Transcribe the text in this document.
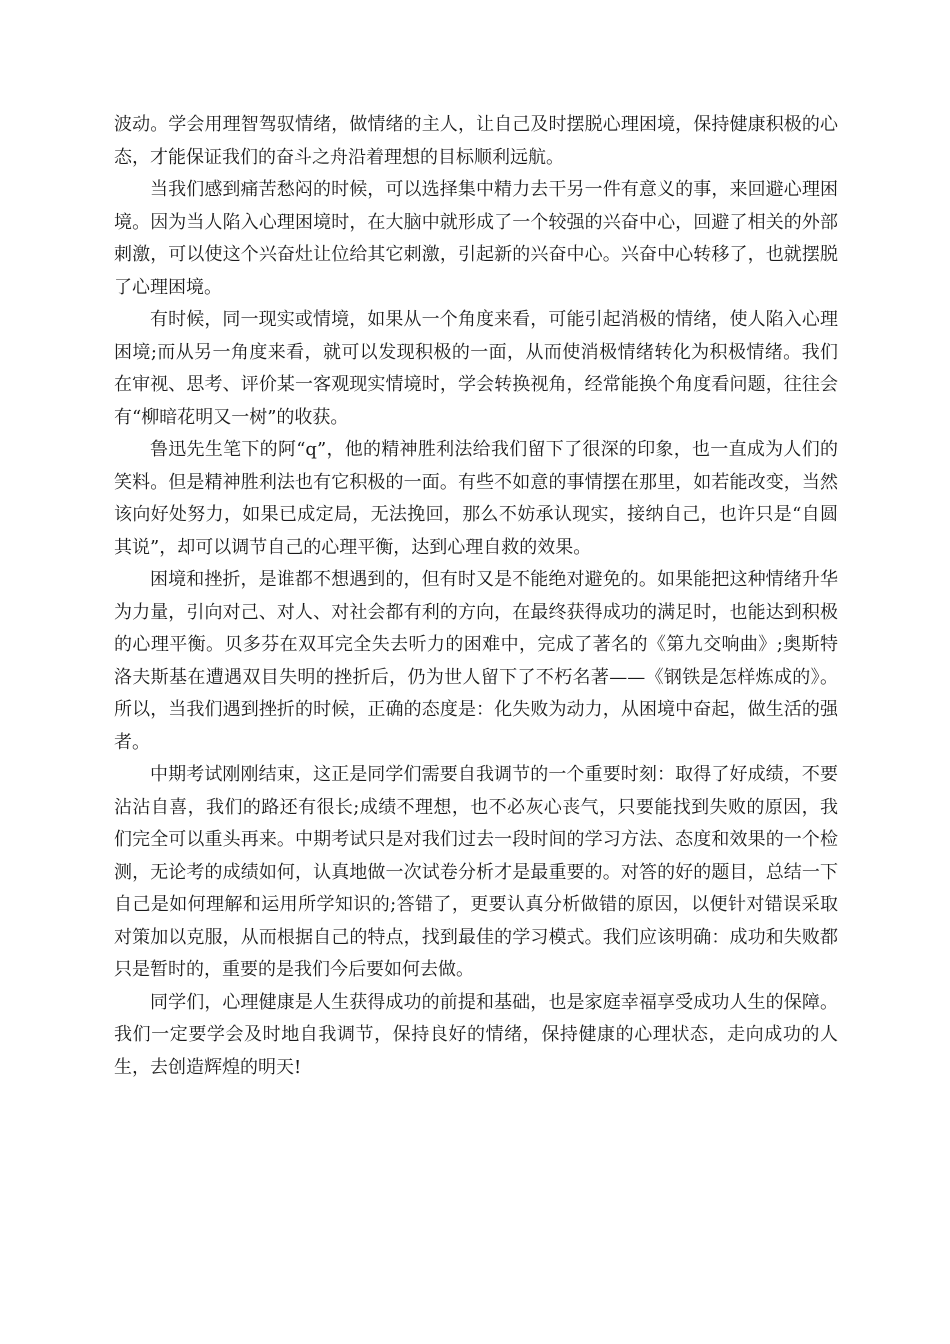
波动。学会用理智驾驭情绪，做情绪的主人，让自己及时摆脱心理困境，保持健康积极的心态，才能保证我们的奋斗之舟沿着理想的目标顺利远航。

当我们感到痛苦愁闷的时候，可以选择集中精力去干另一件有意义的事，来回避心理困境。因为当人陷入心理困境时，在大脑中就形成了一个较强的兴奋中心，回避了相关的外部刺激，可以使这个兴奋灶让位给其它刺激，引起新的兴奋中心。兴奋中心转移了，也就摆脱了心理困境。

有时候，同一现实或情境，如果从一个角度来看，可能引起消极的情绪，使人陷入心理困境;而从另一角度来看，就可以发现积极的一面，从而使消极情绪转化为积极情绪。我们在审视、思考、评价某一客观现实情境时，学会转换视角，经常能换个角度看问题，往往会有“柳暗花明又一树”的收获。

鲁迅先生笔下的阿“q”，他的精神胜利法给我们留下了很深的印象，也一直成为人们的笑料。但是精神胜利法也有它积极的一面。有些不如意的事情摆在那里，如若能改变，当然该向好处努力，如果已成定局，无法挽回，那么不妨承认现实，接纳自己，也许只是“自圆其说”，却可以调节自己的心理平衡，达到心理自救的效果。

困境和挫折，是谁都不想遇到的，但有时又是不能绝对避免的。如果能把这种情绪升华为力量，引向对己、对人、对社会都有利的方向，在最终获得成功的满足时，也能达到积极的心理平衡。贝多芬在双耳完全失去听力的困难中，完成了著名的《第九交响曲》;奥斯特洛夫斯基在遭遇双目失明的挫折后，仍为世人留下了不朽名著——《钢铁是怎样炼成的》。所以，当我们遇到挫折的时候，正确的态度是：化失败为动力，从困境中奋起，做生活的强者。

中期考试刚刚结束，这正是同学们需要自我调节的一个重要时刻：取得了好成绩，不要沾沾自喜，我们的路还有很长;成绩不理想，也不必灰心丧气，只要能找到失败的原因，我们完全可以重头再来。中期考试只是对我们过去一段时间的学习方法、态度和效果的一个检测，无论考的成绩如何，认真地做一次试卷分析才是最重要的。对答的好的题目，总结一下自己是如何理解和运用所学知识的;答错了，更要认真分析做错的原因，以便针对错误采取对策加以克服，从而根据自己的特点，找到最佳的学习模式。我们应该明确：成功和失败都只是暂时的，重要的是我们今后要如何去做。

同学们，心理健康是人生获得成功的前提和基础，也是家庭幸福享受成功人生的保障。我们一定要学会及时地自我调节，保持良好的情绪，保持健康的心理状态，走向成功的人生，去创造辉煌的明天!
